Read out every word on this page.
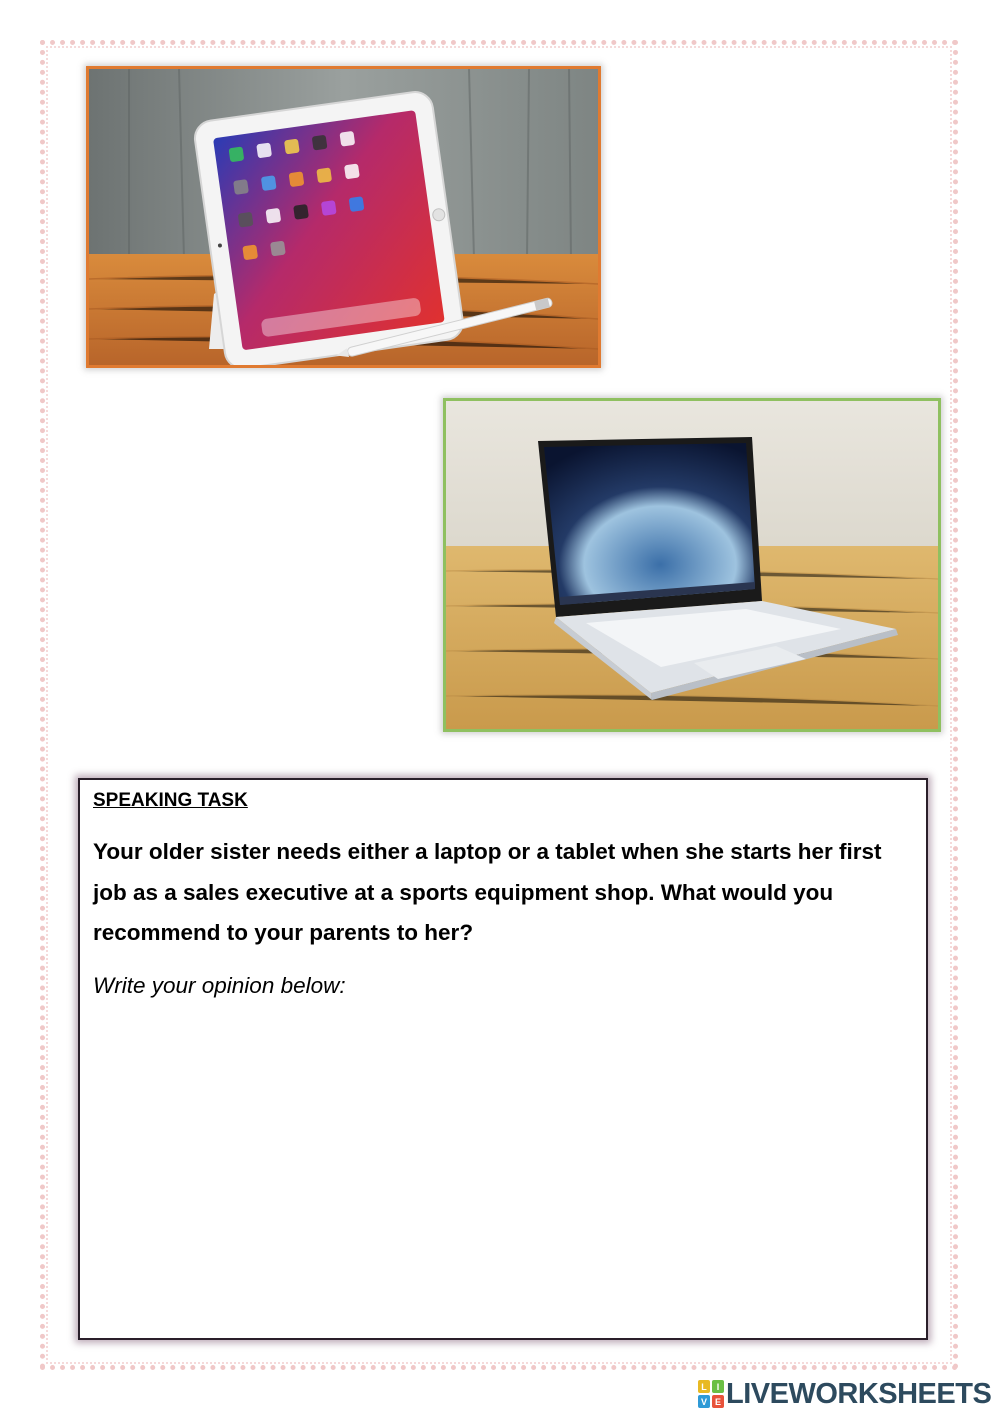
SPEAKING TASK
Your older sister needs either a laptop or a tablet when she starts her first job as a sales executive at a sports equipment shop. What would you recommend to your parents to her?
Write your opinion below:
L I
V E LIVEWORKSHEETS
